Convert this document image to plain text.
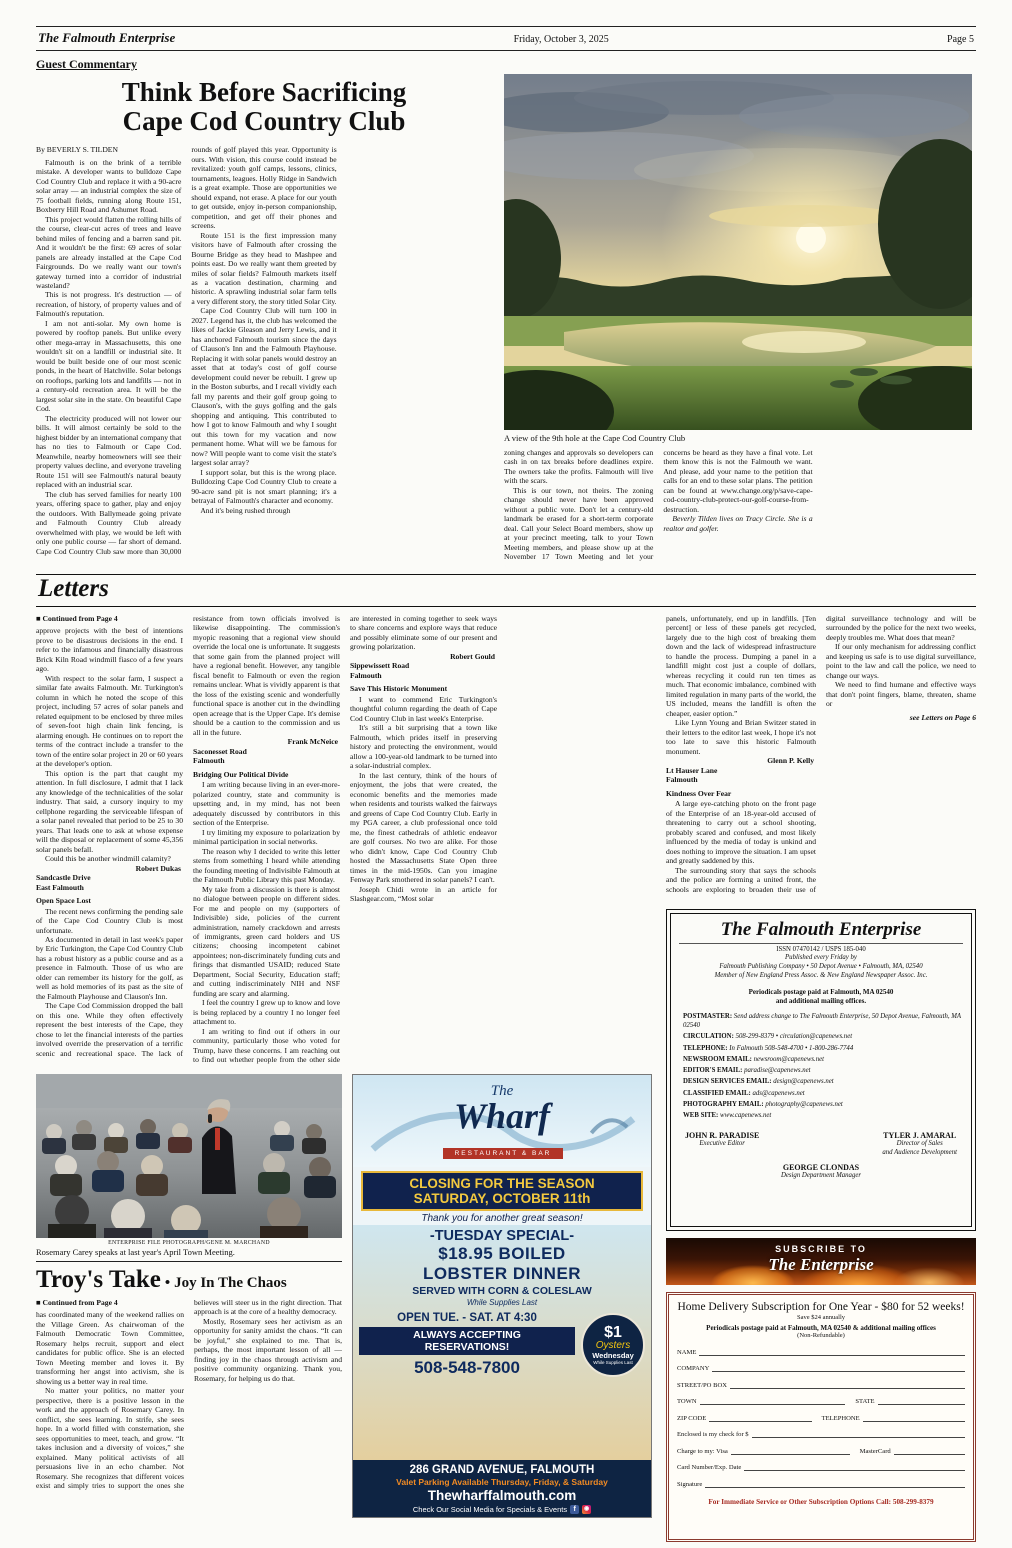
The Falmouth Enterprise	Friday, October 3, 2025	Page 5
Guest Commentary
Think Before Sacrificing
Cape Cod Country Club
By BEVERLY S. TILDEN
Falmouth is on the brink of a terrible mistake. A developer wants to bulldoze Cape Cod Country Club and replace it with a 90-acre solar array — an industrial complex the size of 75 football fields, running along Route 151, Boxberry Hill Road and Ashumet Road.
This project would flatten the rolling hills of the course, clear-cut acres of trees and leave behind miles of fencing and a barren sand pit. And it wouldn't be the first: 69 acres of solar panels are already installed at the Cape Cod Fairgrounds. Do we really want our town's gateway turned into a corridor of industrial wasteland?
This is not progress. It's destruction — of recreation, of history, of property values and of Falmouth's reputation.
I am not anti-solar. My own home is powered by rooftop panels. But unlike every other mega-array in Massachusetts, this one wouldn't sit on a landfill or industrial site. It would be built beside one of our most scenic ponds, in the heart of Hatchville. Solar belongs on rooftops, parking lots and landfills — not in a century-old recreation area. It will be the largest solar site in the state. On beautiful Cape Cod.
The electricity produced will not lower our bills. It will almost certainly be sold to the highest bidder by an international company that has no ties to Falmouth or Cape Cod. Meanwhile, nearby homeowners will see their property values decline, and everyone traveling Route 151 will see Falmouth's natural beauty replaced with an industrial scar.
The club has served families for nearly 100 years, offering space to gather, play and enjoy the outdoors. With Ballymeade going private and Falmouth Country Club already overwhelmed with play, we would be left with only one public course — far short of demand. Cape Cod Country Club saw more than 30,000 rounds of golf played this year. Opportunity is ours. With vision, this course could instead be revitalized: youth golf camps, lessons, clinics, tournaments, leagues. Holly Ridge in Sandwich is a great example. Those are opportunities we should expand, not erase. A place for our youth to get outside, enjoy in-person companionship, competition, and get off their phones and screens.
Route 151 is the first impression many visitors have of Falmouth after crossing the Bourne Bridge as they head to Mashpee and points east. Do we really want them greeted by miles of solar fields? Falmouth markets itself as a vacation destination, charming and historic. A sprawling industrial solar farm tells a very different story, the story titled Solar City.
Cape Cod Country Club will turn 100 in 2027. Legend has it, the club has welcomed the likes of Jackie Gleason and Jerry Lewis, and it has anchored Falmouth tourism since the days of Clauson's Inn and the Falmouth Playhouse. Replacing it with solar panels would destroy an asset that at today's cost of golf course development could never be rebuilt. I grew up in the Boston suburbs, and I recall vividly each fall my parents and their golf group going to Clauson's, with the guys golfing and the gals shopping and antiquing. This contributed to how I got to know Falmouth and why I sought out this town for my vacation and now permanent home. What will we be famous for now? Will people want to come visit the state's largest solar array?
I support solar, but this is the wrong place. Bulldozing Cape Cod Country Club to create a 90-acre sand pit is not smart planning; it's a betrayal of Falmouth's character and economy.
And it's being rushed through
A view of the 9th hole at the Cape Cod Country Club
zoning changes and approvals so developers can cash in on tax breaks before deadlines expire. The owners take the profits. Falmouth will live with the scars.
This is our town, not theirs. The zoning change should never have been approved without a public vote. Don't let a century-old landmark be erased for a short-term corporate deal. Call your Select Board members, show up at your precinct meeting, talk to your Town Meeting members, and please show up at the November 17 Town Meeting and let your concerns be heard as they have a final vote. Let them know this is not the Falmouth we want. And please, add your name to the petition that calls for an end to these solar plans. The petition can be found at www.change.org/p/save-cape-cod-country-club-protect-our-golf-course-from-destruction.
Beverly Tilden lives on Tracy Circle. She is a realtor and golfer.
Letters
■ Continued from Page 4
approve projects with the best of intentions prove to be disastrous decisions in the end. I refer to the infamous and financially disastrous Brick Kiln Road windmill fiasco of a few years ago.
With respect to the solar farm, I suspect a similar fate awaits Falmouth. Mr. Turkington's column in which he noted the scope of this project, including 57 acres of solar panels and related equipment to be enclosed by three miles of seven-foot high chain link fencing, is alarming enough. He continues on to report the terms of the contract include a transfer to the town of the entire solar project in 20 or 60 years at the developer's option.
This option is the part that caught my attention. In full disclosure, I admit that I lack any knowledge of the technicalities of the solar industry. That said, a cursory inquiry to my cellphone regarding the serviceable lifespan of a solar panel revealed that period to be 25 to 30 years. That leads one to ask at whose expense will the disposal or replacement of some 45,356 solar panels befall.
Could this be another windmill calamity?
Robert Dukas
Sandcastle Drive
East Falmouth
Open Space Lost
The recent news confirming the pending sale of the Cape Cod Country Club is most unfortunate.
As documented in detail in last week's paper by Eric Turkington, the Cape Cod Country Club has a robust history as a public course and as a presence in Falmouth. Those of us who are older can remember its history for the golf, as well as hold memories of its past as the site of the Falmouth Playhouse and Clauson's Inn.
The Cape Cod Commission dropped the ball on this one. While they often effectively represent the best interests of the Cape, they chose to let the financial interests of the parties involved override the preservation of a terrific scenic and recreational space. The lack of resistance from town officials involved is likewise disappointing. The commission's myopic reasoning that a regional view should override the local one is unfortunate. It suggests that some gain from the planned project will have a regional benefit. However, any tangible fiscal benefit to Falmouth or even the region remains unclear. What is vividly apparent is that the loss of the existing scenic and wonderfully functional space is another cut in the dwindling open acreage that is the Upper Cape. It's demise should be a caution to the commission and us all in the future.
Frank McNeice
Saconesset Road
Falmouth
Bridging Our Political Divide
I am writing because living in an ever-more-polarized country, state and community is upsetting and, in my mind, has not been adequately discussed by contributors in this section of the Enterprise.
I try limiting my exposure to polarization by minimal participation in social networks.
The reason why I decided to write this letter stems from something I heard while attending the founding meeting of Indivisible Falmouth at the Falmouth Public Library this past Monday.
My take from a discussion is there is almost no dialogue between people on different sides. For me and people on my (supporters of Indivisible) side, policies of the current administration, namely crackdown and arrests of immigrants, green card holders and US citizens; choosing incompetent cabinet appointees; non-discriminately funding cuts and firings that dismantled USAID; reduced State Department, Social Security, Education staff; and cutting indiscriminately NIH and NSF funding are scary and alarming.
I feel the country I grew up to know and love is being replaced by a country I no longer feel attachment to.
I am writing to find out if others in our community, particularly those who voted for Trump, have these concerns. I am reaching out to find out whether people from the other side are interested in coming together to seek ways to share concerns and explore ways that reduce and possibly eliminate some of our present and growing polarization.
Robert Gould
Sippewissett Road
Falmouth
Save This Historic Monument
I want to commend Eric Turkington's thoughtful column regarding the death of Cape Cod Country Club in last week's Enterprise.
It's still a bit surprising that a town like Falmouth, which prides itself in preserving history and protecting the environment, would allow a 100-year-old landmark to be turned into a solar-industrial complex.
In the last century, think of the hours of enjoyment, the jobs that were created, the economic benefits and the memories made when residents and tourists walked the fairways and greens of Cape Cod Country Club. Early in my PGA career, a club professional once told me, the finest cathedrals of athletic endeavor are golf courses. No two are alike. For those who didn't know, Cape Cod Country Club hosted the Massachusetts State Open three times in the mid-1950s. Can you imagine Fenway Park smothered in solar panels? I can't.
Joseph Chidi wrote in an article for Slashgear.com, “Most solar
ENTERPRISE FILE PHOTOGRAPH/GENE M. MARCHAND
Rosemary Carey speaks at last year's April Town Meeting.
Troy's Take • Joy In The Chaos
■ Continued from Page 4
has coordinated many of the weekend rallies on the Village Green. As chairwoman of the Falmouth Democratic Town Committee, Rosemary helps recruit, support and elect candidates for public office. She is an elected Town Meeting member and loves it. By transforming her angst into activism, she is showing us a better way in real time.
No matter your politics, no matter your perspective, there is a positive lesson in the work and the approach of Rosemary Carey. In conflict, she sees learning. In strife, she sees hope. In a world filled with consternation, she sees opportunities to meet, teach, and grow. “It takes inclusion and a diversity of voices,” she explained. Many political activists of all persuasions live in an echo chamber. Not Rosemary. She recognizes that different voices exist and simply tries to support the ones she believes will steer us in the right direction. That approach is at the core of a healthy democracy.
Mostly, Rosemary sees her activism as an opportunity for sanity amidst the chaos. “It can be joyful,” she explained to me. That is, perhaps, the most important lesson of all — finding joy in the chaos through activism and positive community organizing. Thank you, Rosemary, for helping us do that.
The
Wharf
RESTAURANT & BAR
CLOSING FOR THE SEASON
SATURDAY, OCTOBER 11th
Thank you for another great season!
-TUESDAY SPECIAL-
$18.95 BOILED
LOBSTER DINNER
SERVED WITH CORN & COLESLAW
While Supplies Last
OPEN TUE. - SAT. AT 4:30
ALWAYS ACCEPTING
RESERVATIONS!
508-548-7800
$1
Oysters
Wednesday
While Supplies Last
286 GRAND AVENUE, FALMOUTH
Valet Parking Available Thursday, Friday, & Saturday
Thewharffalmouth.com
Check Our Social Media for Specials & Events f	◉
panels, unfortunately, end up in landfills. [Ten percent] or less of these panels get recycled, largely due to the high cost of breaking them down and the lack of widespread infrastructure to handle the process. Dumping a panel in a landfill might cost just a couple of dollars, whereas recycling it could run ten times as much. That economic imbalance, combined with limited regulation in many parts of the world, the US included, means the landfill is often the cheaper, easier option.”
Like Lynn Young and Brian Switzer stated in their letters to the editor last week, I hope it's not too late to save this historic Falmouth monument.
Glenn P. Kelly
Lt Hauser Lane
Falmouth
Kindness Over Fear
A large eye-catching photo on the front page of the Enterprise of an 18-year-old accused of threatening to carry out a school shooting, probably scared and confused, and most likely influenced by the media of today is unkind and does nothing to improve the situation. I am upset and greatly saddened by this.
The surrounding story that says the schools and the police are forming a united front, the schools are exploring to broaden their use of digital surveillance technology and will be surrounded by the police for the next two weeks, deeply troubles me. What does that mean?
If our only mechanism for addressing conflict and keeping us safe is to use digital surveillance, point to the law and call the police, we need to change our ways.
We need to find humane and effective ways that don't point fingers, blame, threaten, shame or
see Letters on Page 6
The Falmouth Enterprise
ISSN 07470142 / USPS 185-040
Published every Friday by
Falmouth Publishing Company • 50 Depot Avenue • Falmouth, MA, 02540
Member of New England Press Assoc. & New England Newspaper Assoc. Inc.
Periodicals postage paid at Falmouth, MA 02540
and additional mailing offices.
POSTMASTER: Send address change to The Falmouth Enterprise, 50 Depot Avenue, Falmouth, MA 02540
CIRCULATION: 508-299-8379 • circulation@capenews.net
TELEPHONE: In Falmouth 508-548-4700 • 1-800-286-7744
NEWSROOM EMAIL: newsroom@capenews.net
EDITOR'S EMAIL: paradise@capenews.net
DESIGN SERVICES EMAIL: design@capenews.net
CLASSIFIED EMAIL: ads@capenews.net
PHOTOGRAPHY EMAIL: photography@capenews.net
WEB SITE: www.capenews.net
JOHN R. PARADISE
Executive Editor
TYLER J. AMARAL
Director of Sales
and Audience Development
GEORGE CLONDAS
Design Department Manager
SUBSCRIBE TO
The Enterprise
Home Delivery Subscription for One Year - $80 for 52 weeks!
Save $24 annually
Periodicals postage paid at Falmouth, MA 02540 & additional mailing offices
(Non-Refundable)
NAME
COMPANY
STREET/PO BOX
TOWN	STATE
ZIP CODE	TELEPHONE
Enclosed is my check for $
Charge to my: Visa	MasterCard
Card Number/Exp. Date
Signature
For Immediate Service or Other Subscription Options Call: 508-299-8379
